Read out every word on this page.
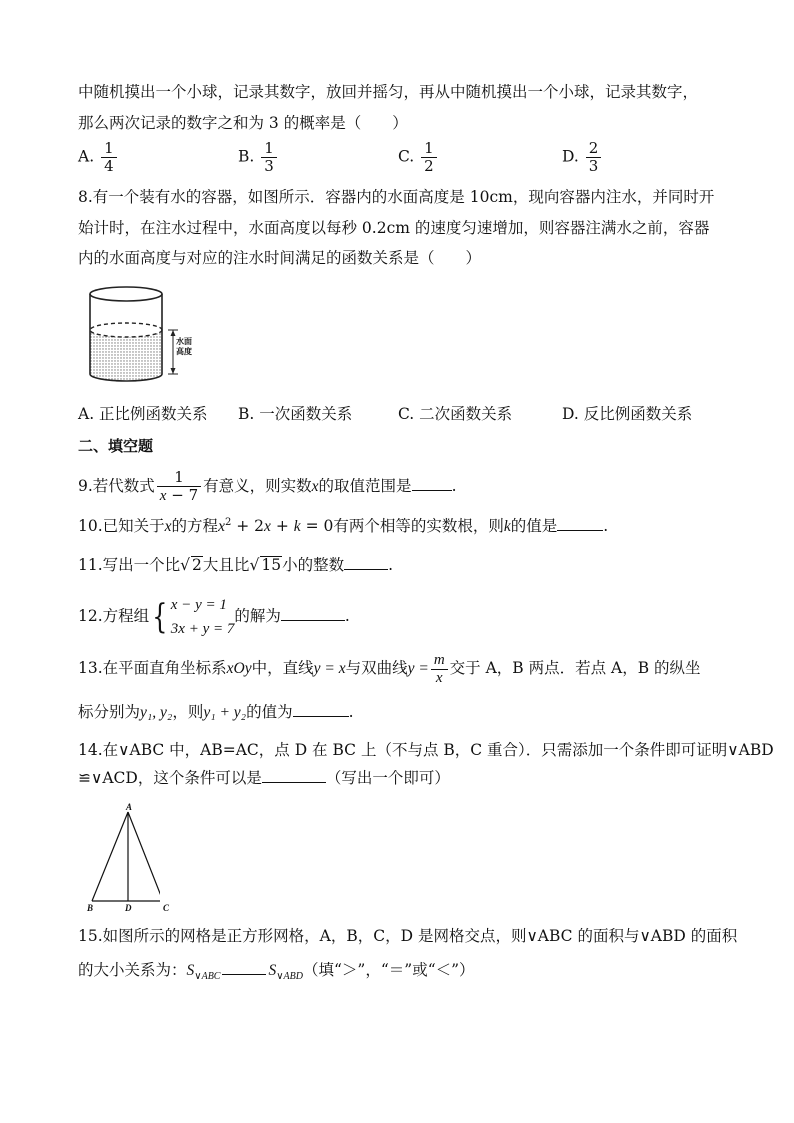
中随机摸出一个小球，记录其数字，放回并摇匀，再从中随机摸出一个小球，记录其数字，
那么两次记录的数字之和为 3 的概率是（　　）
A. $\frac{1}{4}$	B. $\frac{1}{3}$	C. $\frac{1}{2}$	D. $\frac{2}{3}$
8.有一个装有水的容器，如图所示．容器内的水面高度是 10cm，现向容器内注水，并同时开
始计时，在注水过程中，水面高度以每秒 0.2cm 的速度匀速增加，则容器注满水之前，容器
内的水面高度与对应的注水时间满足的函数关系是（　　）
水面
高度
A. 正比例函数关系 B. 一次函数关系	C. 二次函数关系	D. 反比例函数关系
二、填空题
9.若代数式 $\frac{1}{x - 7}$ 有意义，则实数x的取值范围是	.
10.已知关于x的方程$x^2 + 2x + k = 0$有两个相等的实数根，则k的值是	.
11.写出一个比√ 2大且比√ 15小的整数	.
12.方程组{ x − y = 1
3x + y = 7
的解为	.
13.在平面直角坐标系xOy中，直线y = x与双曲线$y = \frac{m}{x}$ 交于 A，B 两点．若点 A，B 的纵坐
标分别为y₁, y₂，则y₁ + y₂的值为	.
14.在∨ABC 中，AB=AC，点 D 在 BC 上（不与点 B，C 重合）．只需添加一个条件即可证明∨ABD
≌∨ACD，这个条件可以是	（写出一个即可）
A
B	D	C
15.如图所示的网格是正方形网格，A，B，C，D 是网格交点，则∨ABC 的面积与∨ABD 的面积
的大小关系为：$S_{\vee ABC}$	$S_{\vee ABD}$（填“＞”，“＝”或“＜”）
